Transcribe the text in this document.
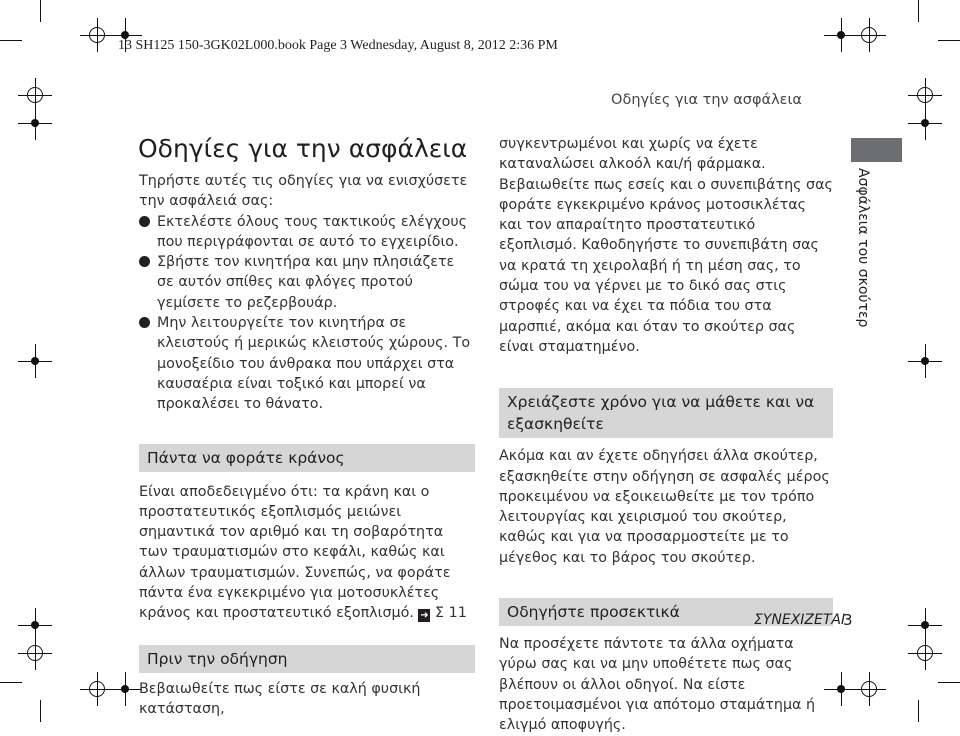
13 SH125 150-3GK02L000.book Page 3 Wednesday, August 8, 2012 2:36 PM
Οδηγίες για την ασφάλεια
Οδηγίες για την ασφάλεια

Τηρήστε αυτές τις οδηγίες για να ενισχύσετε την ασφάλειά σας:

Εκτελέστε όλους τους τακτικούς ελέγχους που περιγράφονται σε αυτό το εγχειρίδιο.

Σβήστε τον κινητήρα και μην πλησιάζετε σε αυτόν σπίθες και φλόγες προτού γεμίσετε το ρεζερβουάρ.

Μην λειτουργείτε τον κινητήρα σε κλειστούς ή μερικώς κλειστούς χώρους. Το μονοξείδιο του άνθρακα που υπάρχει στα καυσαέρια είναι τοξικό και μπορεί να προκαλέσει το θάνατο.

Πάντα να φοράτε κράνος

Είναι αποδεδειγμένο ότι: τα κράνη και ο προστατευτικός εξοπλισμός μειώνει σημαντικά τον αριθμό και τη σοβαρότητα των τραυματισμών στο κεφάλι, καθώς και άλλων τραυματισμών. Συνεπώς, να φοράτε πάντα ένα εγκεκριμένο για μοτοσυκλέτες κράνος και προστατευτικό εξοπλισμό. ➜ Σ 11

Πριν την οδήγηση

Βεβαιωθείτε πως είστε σε καλή φυσική κατάσταση,

συγκεντρωμένοι και χωρίς να έχετε καταναλώσει αλκοόλ και/ή φάρμακα. Βεβαιωθείτε πως εσείς και ο συνεπιβάτης σας φοράτε εγκεκριμένο κράνος μοτοσικλέτας και τον απαραίτητο προστατευτικό εξοπλισμό. Καθοδηγήστε το συνεπιβάτη σας να κρατά τη χειρολαβή ή τη μέση σας, το σώμα του να γέρνει με το δικό σας στις στροφές και να έχει τα πόδια του στα μαρσπιέ, ακόμα και όταν το σκούτερ σας είναι σταματημένο.

Χρειάζεστε χρόνο για να μάθετε και να εξασκηθείτε

Ακόμα και αν έχετε οδηγήσει άλλα σκούτερ, εξασκηθείτε στην οδήγηση σε ασφαλές μέρος προκειμένου να εξοικειωθείτε με τον τρόπο λειτουργίας και χειρισμού του σκούτερ, καθώς και για να προσαρμοστείτε με το μέγεθος και το βάρος του σκούτερ.

Οδηγήστε προσεκτικά

Να προσέχετε πάντοτε τα άλλα οχήματα γύρω σας και να μην υποθέτετε πως σας βλέπουν οι άλλοι οδηγοί. Να είστε προετοιμασμένοι για απότομο σταμάτημα ή ελιγμό αποφυγής.

Ασφάλεια του σκούτερ
ΣΥΝΕΧΙΖΕΤΑΙ
3
